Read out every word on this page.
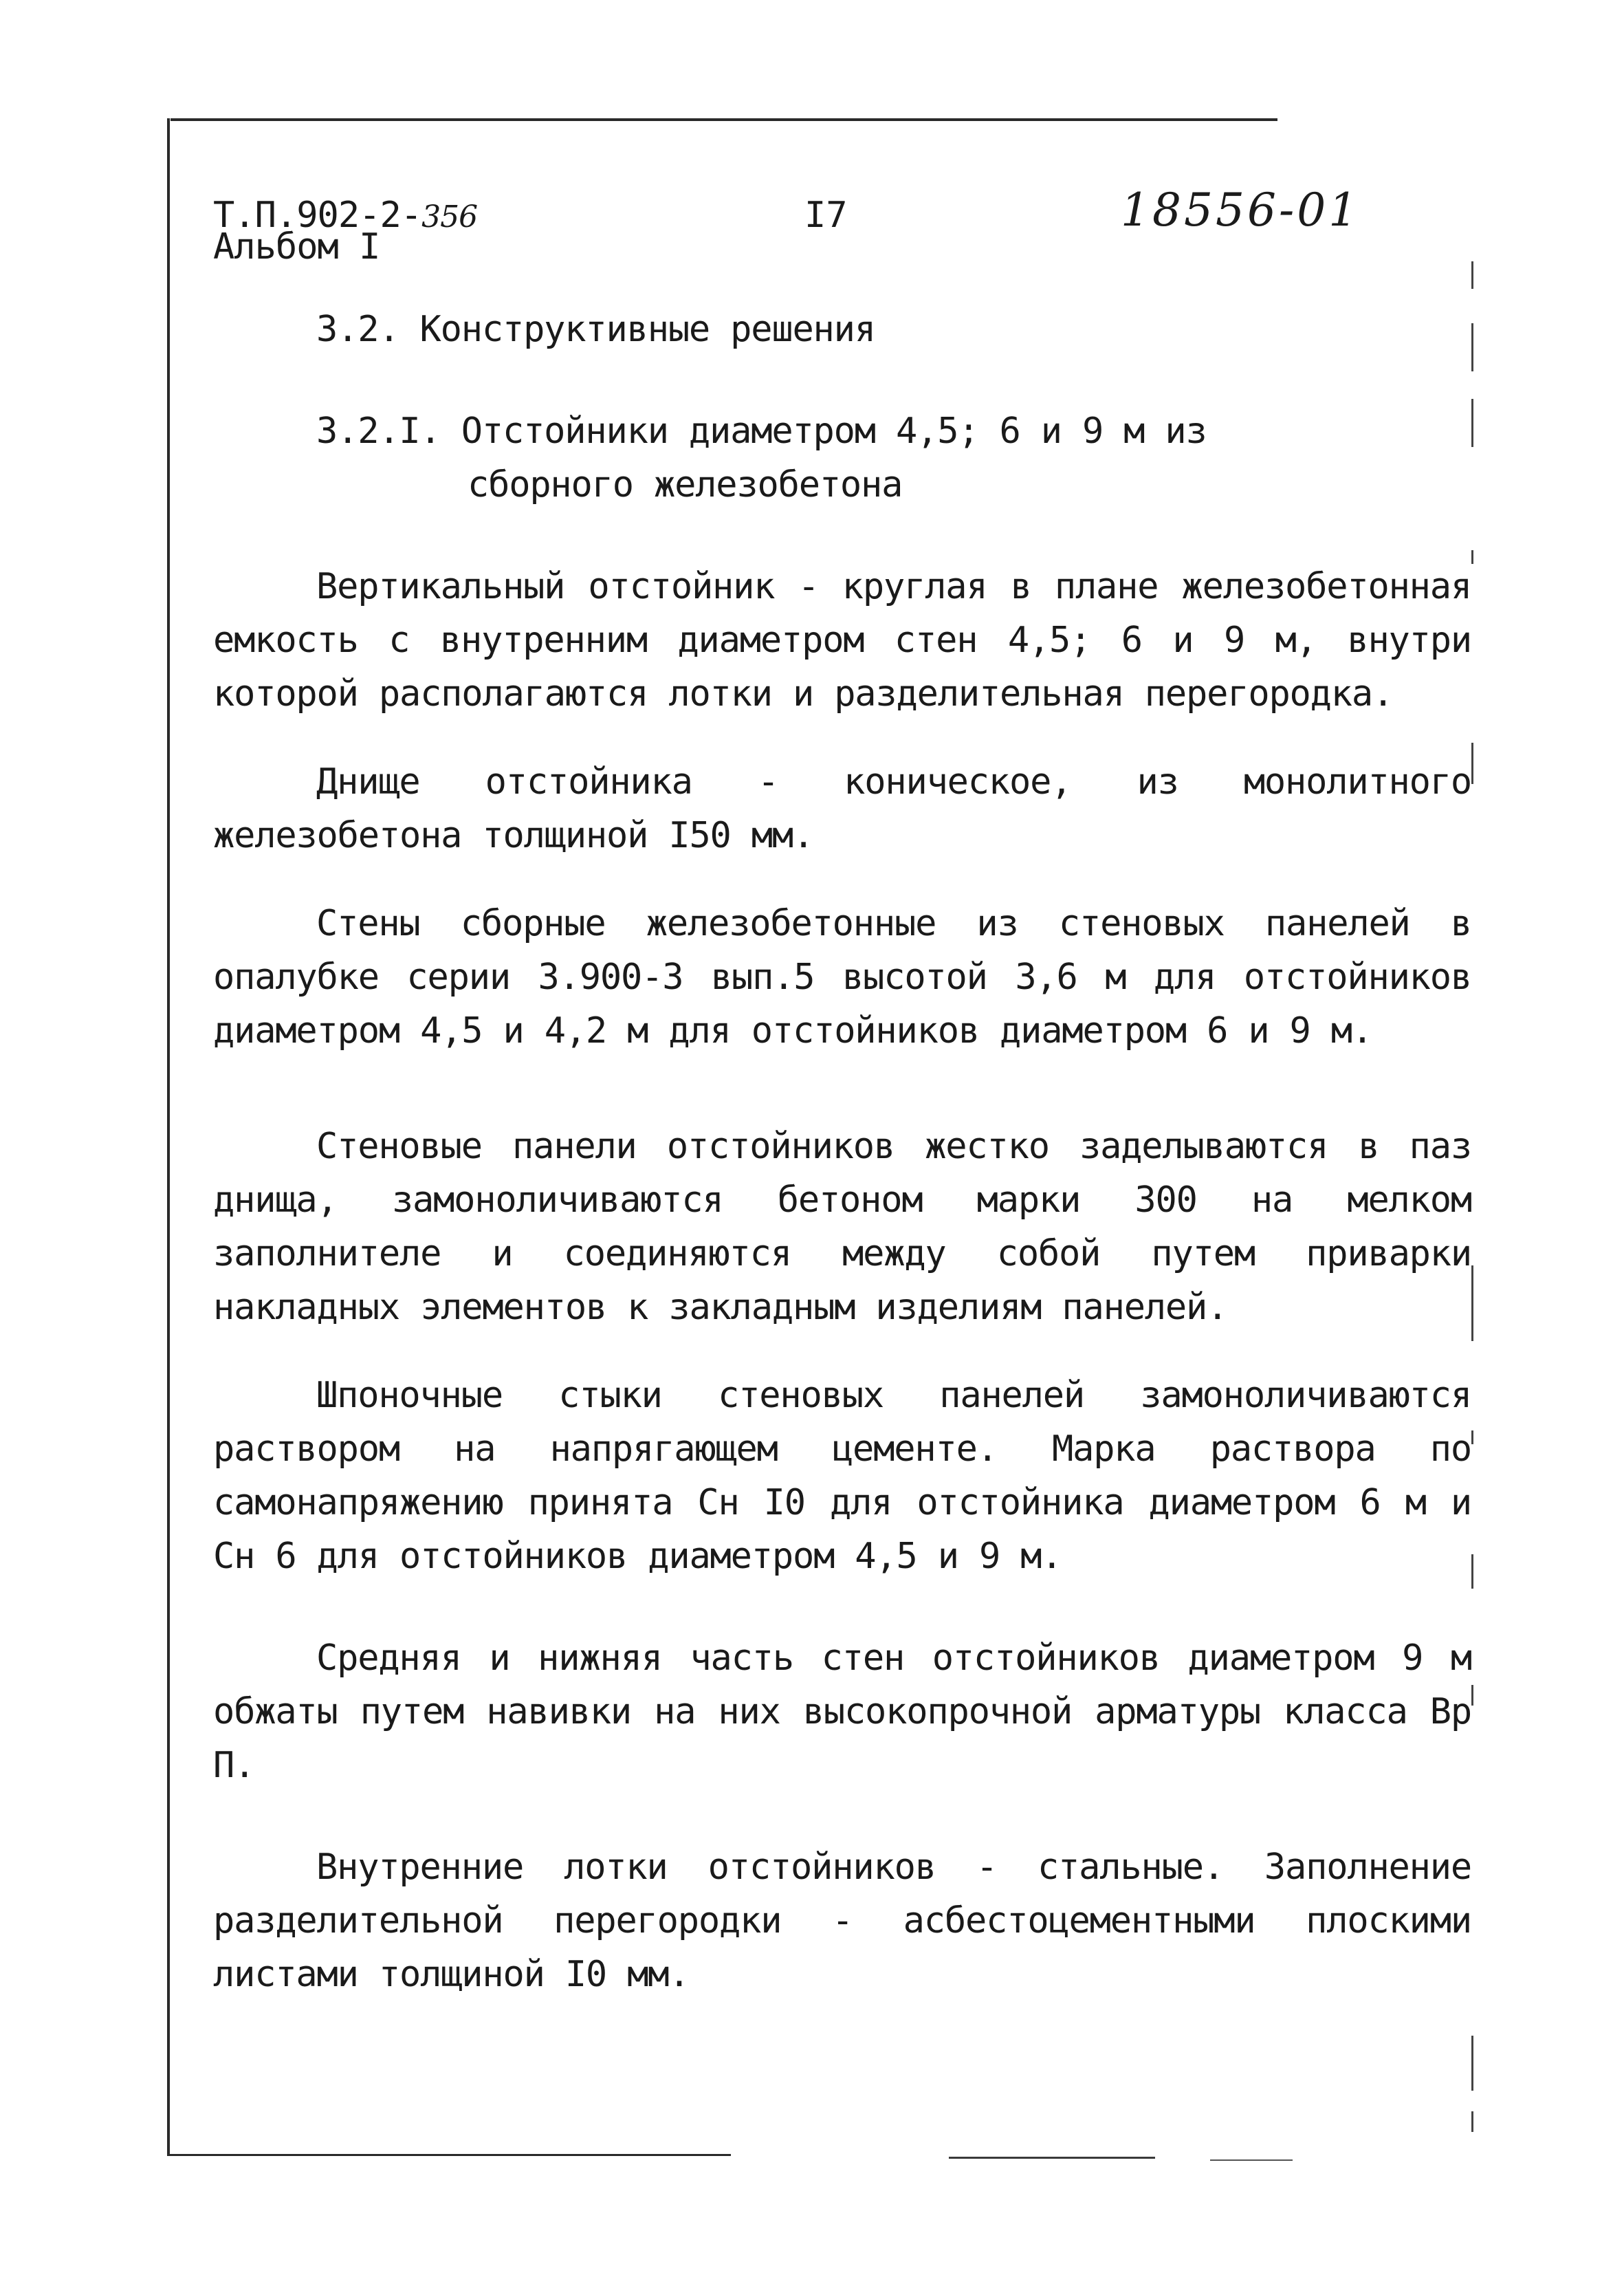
Т.П.902-2-356
Альбом I
I7	18556-01
3.2. Конструктивные решения
3.2.I. Отстойники диаметром 4,5; 6 и 9 м из
сборного железобетона

Вертикальный отстойник - круглая в плане железобетонная емкость с внутренним диаметром стен 4,5; 6 и 9 м, внутри которой располагаются лотки и разделительная перегородка.

Днище отстойника - коническое, из монолитного железобетона толщиной I50 мм.

Стены сборные железобетонные из стеновых панелей в опалубке серии 3.900-3 вып.5 высотой 3,6 м для отстойников диаметром 4,5 и 4,2 м для отстойников диаметром 6 и 9 м.

Стеновые панели отстойников жестко заделываются в паз днища, замоноличиваются бетоном марки 300 на мелком заполнителе и соединяются между собой путем приварки накладных элементов к закладным изделиям панелей.

Шпоночные стыки стеновых панелей замоноличиваются раствором на напрягающем цементе. Марка раствора по самонапряжению принята Сн I0 для отстойника диаметром 6 м и Сн 6 для отстойников диаметром 4,5 и 9 м.

Средняя и нижняя часть стен отстойников диаметром 9 м обжаты путем навивки на них высокопрочной арматуры класса Вр П.

Внутренние лотки отстойников - стальные. Заполнение разделительной перегородки - асбестоцементными плоскими листами толщиной I0 мм.
